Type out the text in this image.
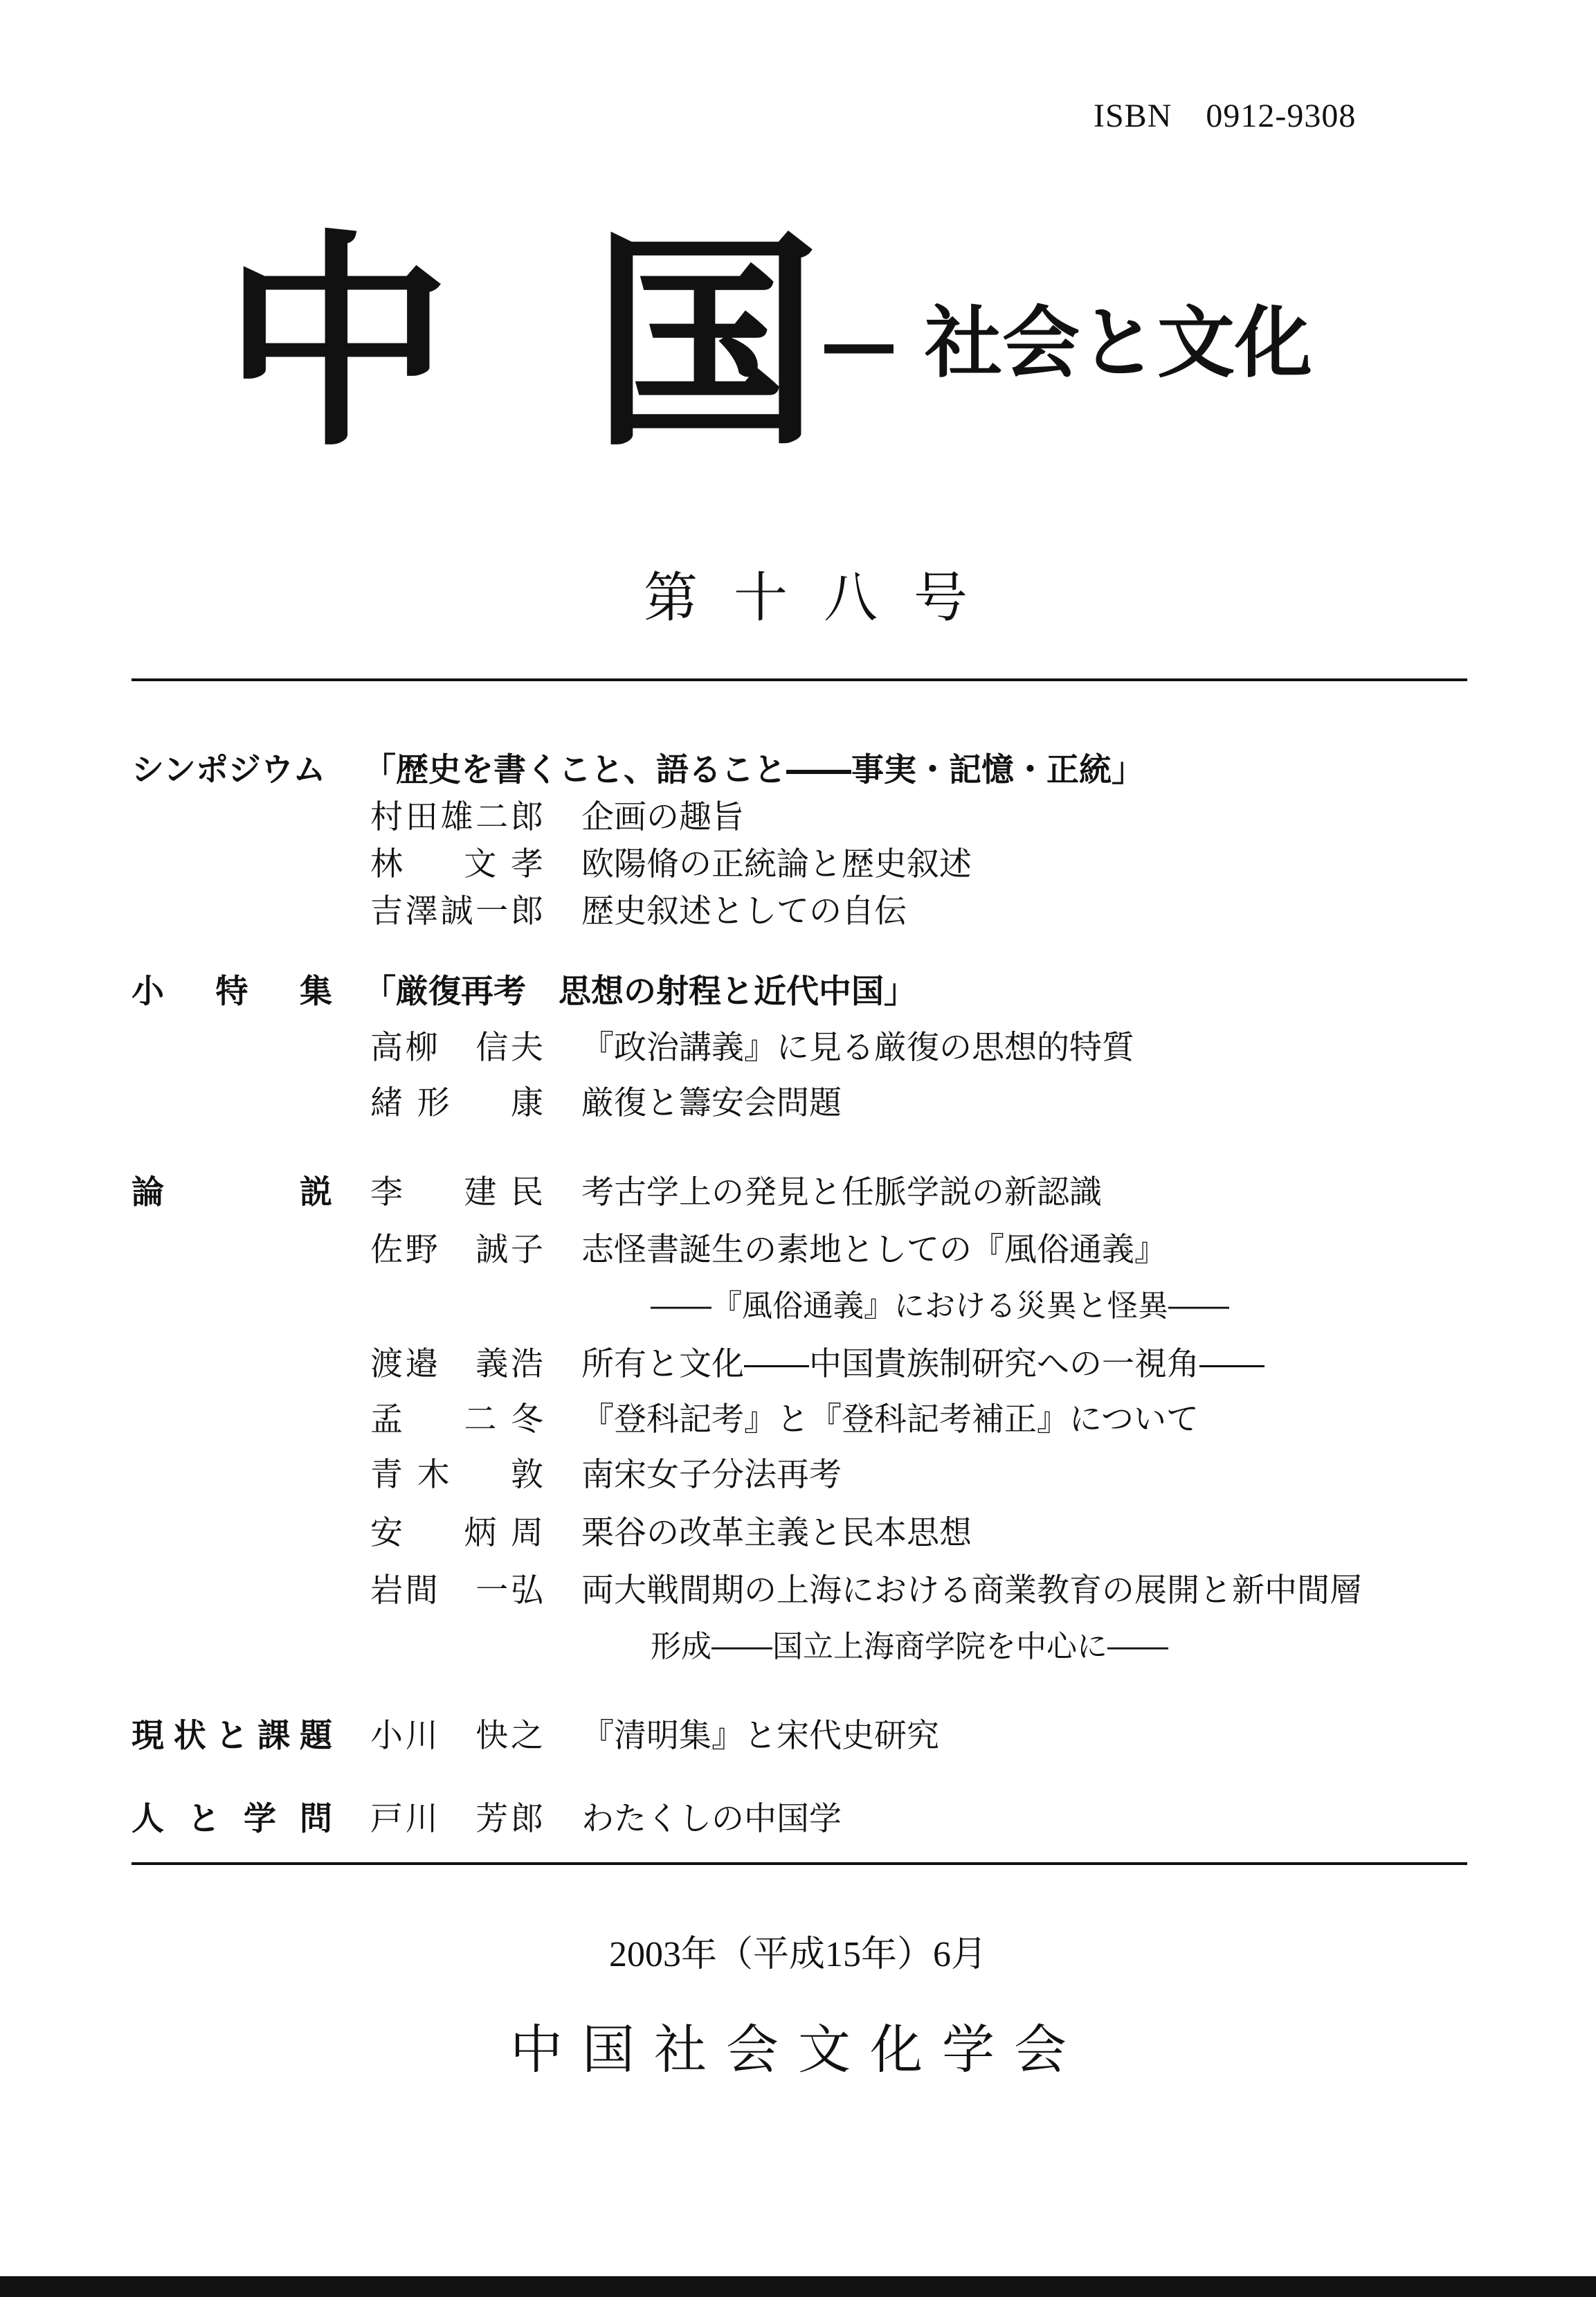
ISBN　0912-9308
中 国 — 社会と文化
第十八号
シンポジウム 「歴史を書くこと、語ること――事実・記憶・正統」
村田雄二郎 企画の趣旨
林　文孝 欧陽脩の正統論と歴史叙述
吉澤誠一郎 歴史叙述としての自伝
小特集 「厳復再考　思想の射程と近代中国」
高柳　信夫 『政治講義』に見る厳復の思想的特質
緒形　康 厳復と籌安会問題
論説 李　建民 考古学上の発見と任脈学説の新認識
佐野　誠子 志怪書誕生の素地としての『風俗通義』
――『風俗通義』における災異と怪異――
渡邉　義浩 所有と文化――中国貴族制研究への一視角――
孟　二冬 『登科記考』と『登科記考補正』について
青木　敦 南宋女子分法再考
安　炳周 栗谷の改革主義と民本思想
岩間　一弘 両大戦間期の上海における商業教育の展開と新中間層
形成――国立上海商学院を中心に――
現状と課題 小川　快之 『清明集』と宋代史研究
人と学問 戸川　芳郎 わたくしの中国学
2003年（平成15年）6月
中国社会文化学会
